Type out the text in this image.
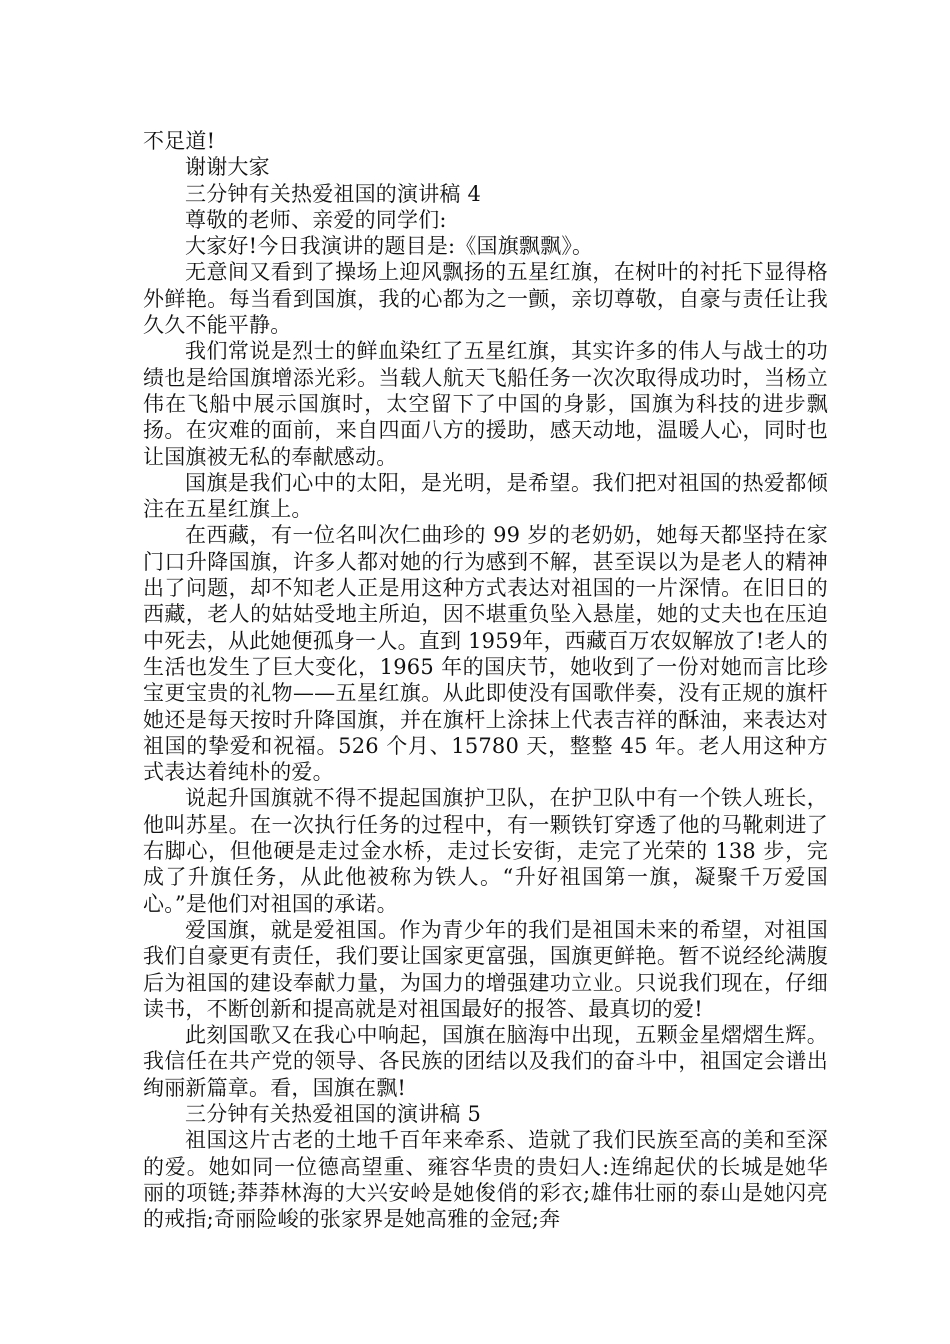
不足道!

谢谢大家

三分钟有关热爱祖国的演讲稿 4

尊敬的老师、亲爱的同学们:

大家好!今日我演讲的题目是:《国旗飘飘》。

无意间又看到了操场上迎风飘扬的五星红旗，在树叶的衬托下显得格外鲜艳。每当看到国旗，我的心都为之一颤，亲切尊敬，自豪与责任让我久久不能平静。

我们常说是烈士的鲜血染红了五星红旗，其实许多的伟人与战士的功绩也是给国旗增添光彩。当载人航天飞船任务一次次取得成功时，当杨立伟在飞船中展示国旗时，太空留下了中国的身影，国旗为科技的进步飘扬。在灾难的面前，来自四面八方的援助，感天动地，温暖人心，同时也让国旗被无私的奉献感动。

国旗是我们心中的太阳，是光明，是希望。我们把对祖国的热爱都倾注在五星红旗上。

在西藏，有一位名叫次仁曲珍的 99 岁的老奶奶，她每天都坚持在家门口升降国旗，许多人都对她的行为感到不解，甚至误以为是老人的精神出了问题，却不知老人正是用这种方式表达对祖国的一片深情。在旧日的西藏，老人的姑姑受地主所迫，因不堪重负坠入悬崖，她的丈夫也在压迫中死去，从此她便孤身一人。直到 1959年，西藏百万农奴解放了!老人的生活也发生了巨大变化，1965 年的国庆节，她收到了一份对她而言比珍宝更宝贵的礼物——五星红旗。从此即使没有国歌伴奏，没有正规的旗杆她还是每天按时升降国旗，并在旗杆上涂抹上代表吉祥的酥油，来表达对祖国的挚爱和祝福。526 个月、15780 天，整整 45 年。老人用这种方式表达着纯朴的爱。

说起升国旗就不得不提起国旗护卫队，在护卫队中有一个铁人班长，他叫苏星。在一次执行任务的过程中，有一颗铁钉穿透了他的马靴刺进了右脚心，但他硬是走过金水桥，走过长安街，走完了光荣的 138 步，完成了升旗任务，从此他被称为铁人。“升好祖国第一旗，凝聚千万爱国心。”是他们对祖国的承诺。

爱国旗，就是爱祖国。作为青少年的我们是祖国未来的希望，对祖国我们自豪更有责任，我们要让国家更富强，国旗更鲜艳。暂不说经纶满腹后为祖国的建设奉献力量，为国力的增强建功立业。只说我们现在，仔细读书，不断创新和提高就是对祖国最好的报答、最真切的爱!

此刻国歌又在我心中响起，国旗在脑海中出现，五颗金星熠熠生辉。我信任在共产党的领导、各民族的团结以及我们的奋斗中，祖国定会谱出绚丽新篇章。看，国旗在飘!

三分钟有关热爱祖国的演讲稿 5

祖国这片古老的土地千百年来牵系、造就了我们民族至高的美和至深的爱。她如同一位德高望重、雍容华贵的贵妇人:连绵起伏的长城是她华丽的项链;莽莽林海的大兴安岭是她俊俏的彩衣;雄伟壮丽的泰山是她闪亮的戒指;奇丽险峻的张家界是她高雅的金冠;奔
